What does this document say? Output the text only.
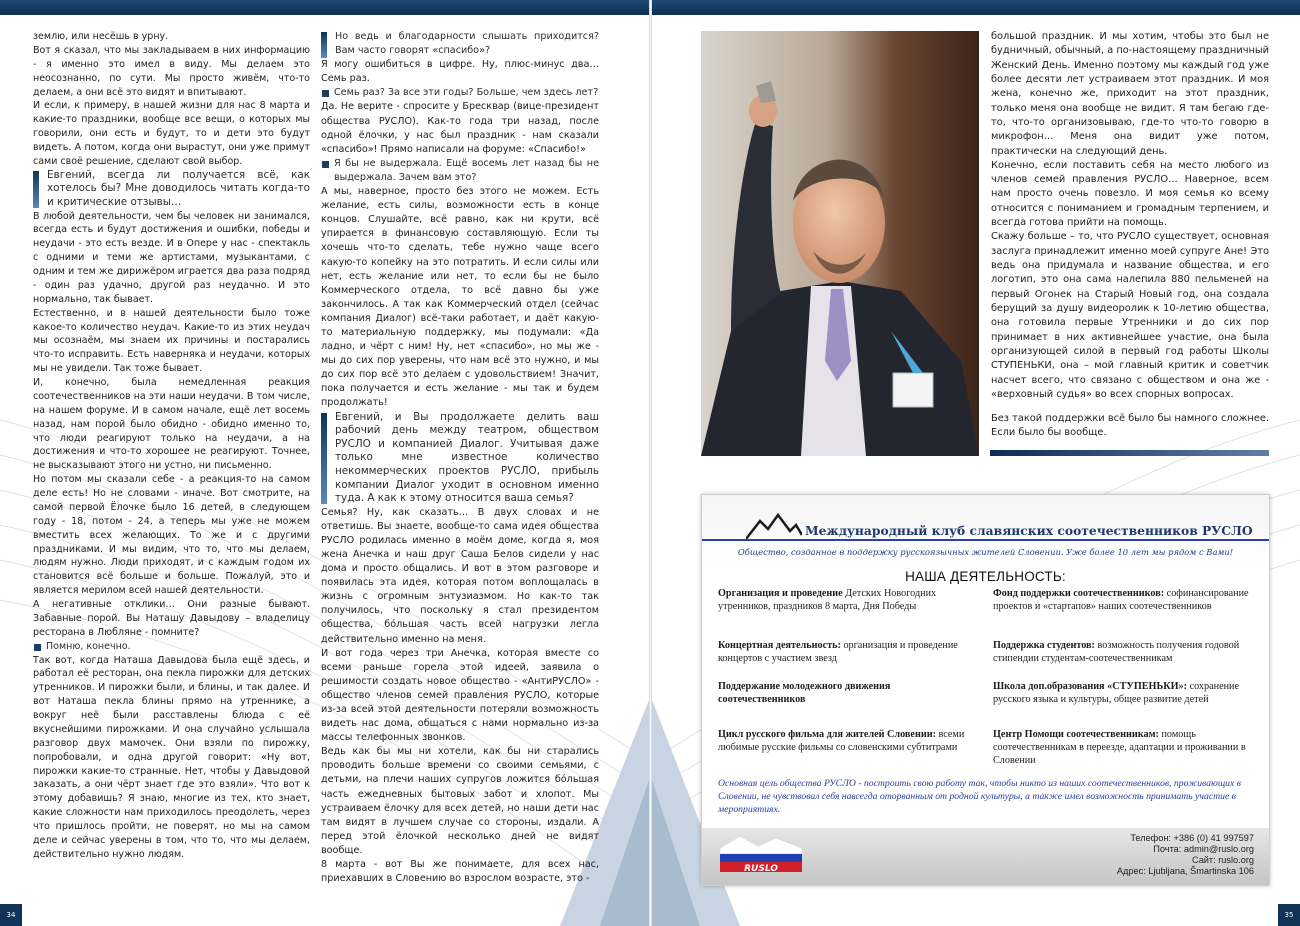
землю, или несёшь в урну.

Вот я сказал, что мы закладываем в них информацию - я именно это имел в виду. Мы делаем это неосознанно, по сути. Мы просто живём, что-то делаем, а они всё это видят и впитывают.

И если, к примеру, в нашей жизни для нас 8 марта и какие-то праздники, вообще все вещи, о которых мы говорили, они есть и будут, то и дети это будут видеть. А потом, когда они вырастут, они уже примут сами своё решение, сделают свой выбор.

Евгений, всегда ли получается всё, как хотелось бы? Мне доводилось читать когда-то и критические отзывы…

В любой деятельности, чем бы человек ни занимался, всегда есть и будут достижения и ошибки, победы и неудачи - это есть везде. И в Опере у нас - спектакль с одними и теми же артистами, музыкантами, с одним и тем же дирижёром играется два раза подряд - один раз удачно, другой раз неудачно. И это нормально, так бывает.

Естественно, и в нашей деятельности было тоже какое-то количество неудач. Какие-то из этих неудач мы осознаём, мы знаем их причины и постарались что-то исправить. Есть наверняка и неудачи, которых мы не увидели. Так тоже бывает.

И, конечно, была немедленная реакция соотечественников на эти наши неудачи. В том числе, на нашем форуме. И в самом начале, ещё лет восемь назад, нам порой было обидно - обидно именно то, что люди реагируют только на неудачи, а на достижения и что-то хорошее не реагируют. Точнее, не высказывают этого ни устно, ни письменно.

Но потом мы сказали себе - а реакция-то на самом деле есть! Но не словами - иначе. Вот смотрите, на самой первой Ёлочке было 16 детей, в следующем году - 18, потом - 24, а теперь мы уже не можем вместить всех желающих. То же и с другими праздниками. И мы видим, что то, что мы делаем, людям нужно. Люди приходят, и с каждым годом их становится всё больше и больше. Пожалуй, это и является мерилом всей нашей деятельности.

А негативные отклики… Они разные бывают. Забавные порой. Вы Наташу Давыдову – владелицу ресторана в Любляне - помните?

Помню, конечно.

Так вот, когда Наташа Давыдова была ещё здесь, и работал её ресторан, она пекла пирожки для детских утренников. И пирожки были, и блины, и так далее. И вот Наташа пекла блины прямо на утреннике, а вокруг неё были расставлены блюда с её вкуснейшими пирожками. И она случайно услышала разговор двух мамочек. Они взяли по пирожку, попробовали, и одна другой говорит: «Ну вот, пирожки какие-то странные. Нет, чтобы у Давыдовой заказать, а они чёрт знает где это взяли». Что вот к этому добавишь? Я знаю, многие из тех, кто знает, какие сложности нам приходилось преодолеть, через что пришлось пройти, не поверят, но мы на самом деле и сейчас уверены в том, что то, что мы делаем, действительно нужно людям.

Но ведь и благодарности слышать приходится? Вам часто говорят «спасибо»?

Я могу ошибиться в цифре. Ну, плюс-минус два… Семь раз.

Семь раз? За все эти годы? Больше, чем здесь лет?

Да. Не верите - спросите у Бресквар (вице-президент общества РУСЛО). Как-то года три назад, после одной ёлочки, у нас был праздник - нам сказали «спасибо»! Прямо написали на форуме: «Спасибо!»

Я бы не выдержала. Ещё восемь лет назад бы не выдержала. Зачем вам это?

А мы, наверное, просто без этого не можем. Есть желание, есть силы, возможности есть в конце концов. Слушайте, всё равно, как ни крути, всё упирается в финансовую составляющую. Если ты хочешь что-то сделать, тебе нужно чаще всего какую-то копейку на это потратить. И если силы или нет, есть желание или нет, то если бы не было Коммерческого отдела, то всё давно бы уже закончилось. А так как Коммерческий отдел (сейчас компания Диалог) всё-таки работает, и даёт какую-то материальную поддержку, мы подумали: «Да ладно, и чёрт с ним! Ну, нет «спасибо», но мы же - мы до сих пор уверены, что нам всё это нужно, и мы до сих пор всё это делаем с удовольствием! Значит, пока получается и есть желание - мы так и будем продолжать!

Евгений, и Вы продолжаете делить ваш рабочий день между театром, обществом РУСЛО и компанией Диалог. Учитывая даже только мне известное количество некоммерческих проектов РУСЛО, прибыль компании Диалог уходит в основном именно туда. А как к этому относится ваша семья?

Семья? Ну, как сказать… В двух словах и не ответишь. Вы знаете, вообще-то сама идея общества РУСЛО родилась именно в моём доме, когда я, моя жена Анечка и наш друг Саша Белов сидели у нас дома и просто общались. И вот в этом разговоре и появилась эта идея, которая потом воплощалась в жизнь с огромным энтузиазмом. Но как-то так получилось, что поскольку я стал президентом общества, бóльшая часть всей нагрузки легла действительно именно на меня.

И вот года через три Анечка, которая вместе со всеми раньше горела этой идеей, заявила о решимости создать новое общество - «АнтиРУСЛО» - общество членов семей правления РУСЛО, которые из-за всей этой деятельности потеряли возможность видеть нас дома, общаться с нами нормально из-за массы телефонных звонков.

Ведь как бы мы ни хотели, как бы ни старались проводить больше времени со своими семьями, с детьми, на плечи наших супругов ложится бóльшая часть ежедневных бытовых забот и хлопот. Мы устраиваем ёлочку для всех детей, но наши дети нас там видят в лучшем случае со стороны, издали. А перед этой ёлочкой несколько дней не видят вообще.

8 марта - вот Вы же понимаете, для всех нас, приехавших в Словению во взрослом возрасте, это -

34	35

большой праздник. И мы хотим, чтобы это был не будничный, обычный, а по-настоящему праздничный Женский День. Именно поэтому мы каждый год уже более десяти лет устраиваем этот праздник. И моя жена, конечно же, приходит на этот праздник, только меня она вообще не видит. Я там бегаю где-то, что-то организовываю, где-то что-то говорю в микрофон… Меня она видит уже потом, практически на следующий день.

Конечно, если поставить себя на место любого из членов семей правления РУСЛО… Наверное, всем нам просто очень повезло. И моя семья ко всему относится с пониманием и громадным терпением, и всегда готова прийти на помощь.

Скажу больше – то, что РУСЛО существует, основная заслуга принадлежит именно моей супруге Ане! Это ведь она придумала и название общества, и его логотип, это она сама налепила 880 пельменей на первый Огонек на Старый Новый год, она создала берущий за душу видеоролик к 10-летию общества, она готовила первые Утренники и до сих пор принимает в них активнейшее участие, она была организующей силой в первый год работы Школы СТУПЕНЬКИ, она – мой главный критик и советчик насчет всего, что связано с обществом и она же - «верховный судья» во всех спорных вопросах.

Без такой поддержки всё было бы намного сложнее. Если было бы вообще.

Международный клуб славянских соотечественников РУСЛО
Общество, созданное в поддержку русскоязычных жителей Словении. Уже более 10 лет мы рядом с Вами!
НАША ДЕЯТЕЛЬНОСТЬ:
Организация и проведение Детских Новогодних утренников, праздников 8 марта, Дня Победы
Фонд поддержки соотечественников: софинансирование проектов и «стартапов» наших соотечественников
Концертная деятельность: организация и проведение концертов с участием звезд
Поддержка студентов: возможность получения годовой стипендии студентам-соотечественникам
Поддержание молодежного движения соотечественников
Школа доп.образования «СТУПЕНЬКИ»: сохранение русского языка и культуры, общее развитие детей
Цикл русского фильма для жителей Словении: всеми любимые русские фильмы со словенскими субтитрами
Центр Помощи соотечественникам: помощь соотечественникам в переезде, адаптации и проживании в Словении
Основная цель общества РУСЛО - построить свою работу так, чтобы никто из наших соотечественников, проживающих в Словении, не чувствовал себя навсегда оторванным от родной культуры, а также имел возможность принимать участие в мероприятиях.
RUSLO
Телефон: +386 (0) 41 997597
Почта: admin@ruslo.org
Сайт: ruslo.org
Адрес: Ljubljana, Šmartinska 106
